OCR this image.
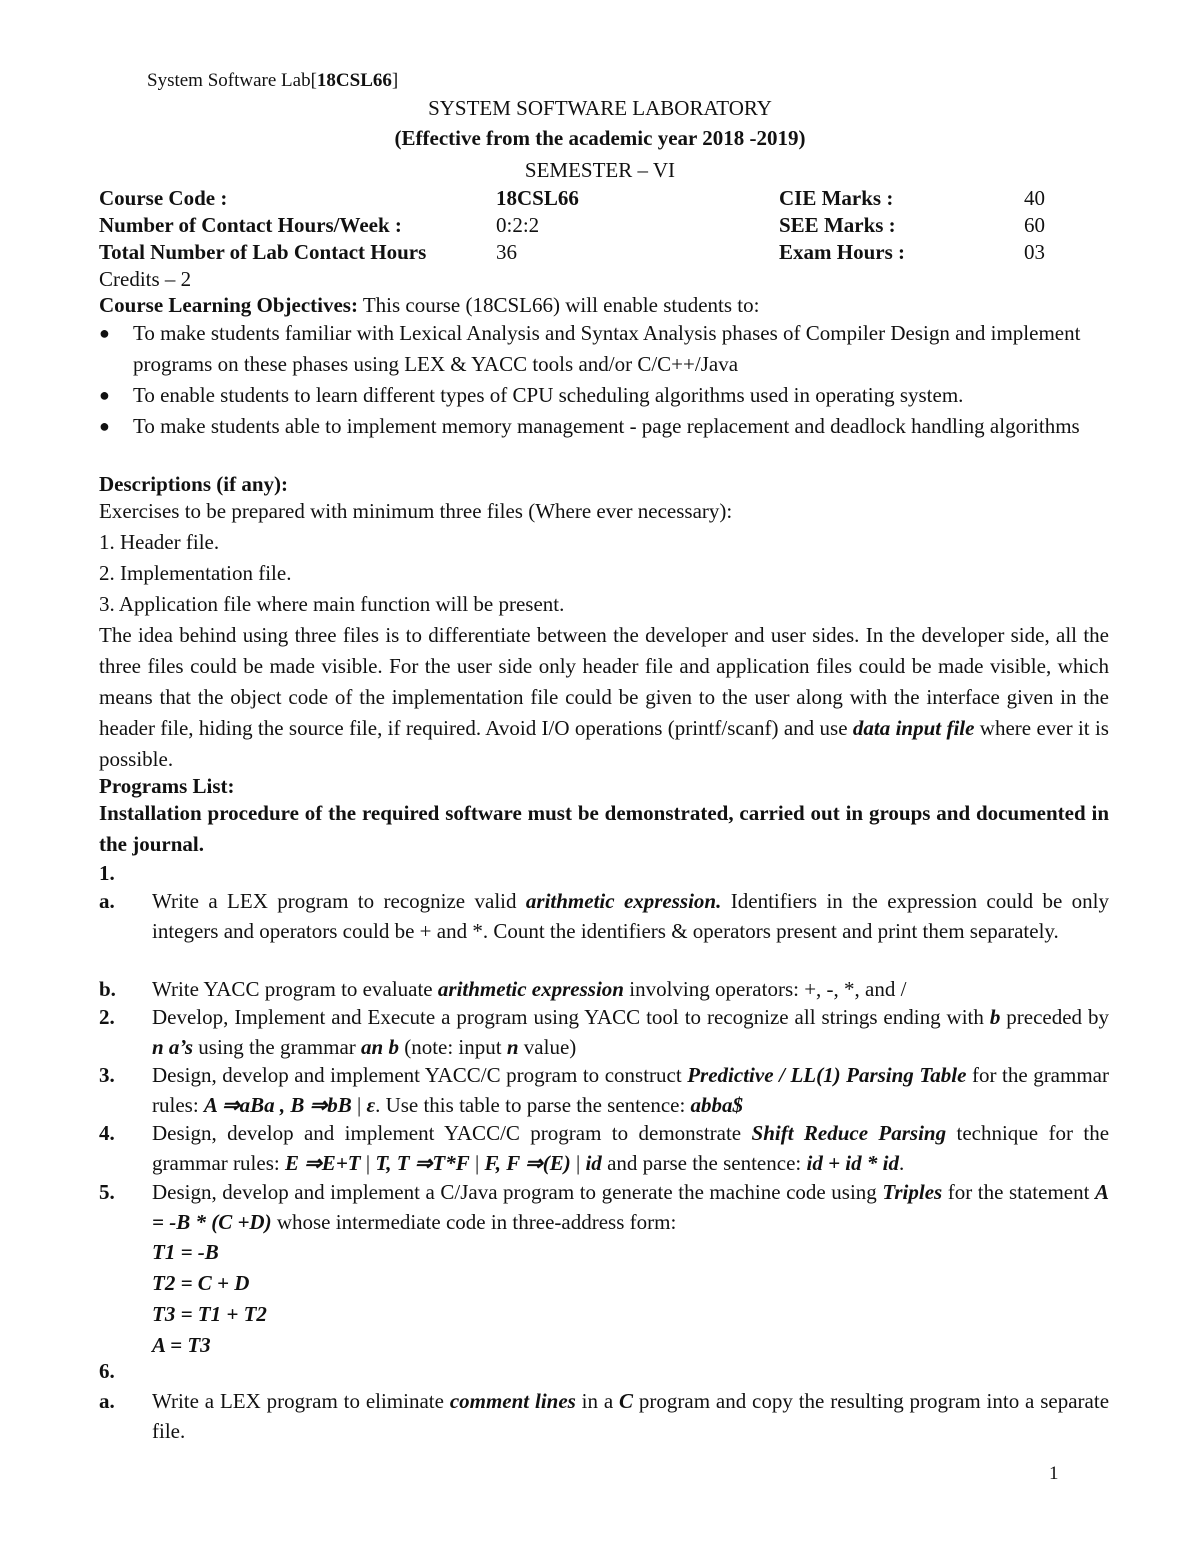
System Software Lab[18CSL66]
SYSTEM SOFTWARE LABORATORY
(Effective from the academic year 2018 -2019)
SEMESTER – VI
Course Code :	18CSL66	CIE Marks :	40
Number of Contact Hours/Week :	0:2:2	SEE Marks :	60
Total Number of Lab Contact Hours	36	Exam Hours :	03
Credits – 2
Course Learning Objectives: This course (18CSL66) will enable students to:
● To make students familiar with Lexical Analysis and Syntax Analysis phases of Compiler Design and implement programs on these phases using LEX & YACC tools and/or C/C++/Java
● To enable students to learn different types of CPU scheduling algorithms used in operating system.
● To make students able to implement memory management - page replacement and deadlock handling algorithms
Descriptions (if any):
Exercises to be prepared with minimum three files (Where ever necessary):
1. Header file.
2. Implementation file.
3. Application file where main function will be present.
The idea behind using three files is to differentiate between the developer and user sides. In the developer side, all the three files could be made visible. For the user side only header file and application files could be made visible, which means that the object code of the implementation file could be given to the user along with the interface given in the header file, hiding the source file, if required. Avoid I/O operations (printf/scanf) and use data input file where ever it is possible.
Programs List:
Installation procedure of the required software must be demonstrated, carried out in groups and documented in the journal.
1.
a. Write a LEX program to recognize valid arithmetic expression. Identifiers in the expression could be only integers and operators could be + and *. Count the identifiers & operators present and print them separately.
b. Write YACC program to evaluate arithmetic expression involving operators: +, -, *, and /
2. Develop, Implement and Execute a program using YACC tool to recognize all strings ending with b preceded by n a’s using the grammar an b (note: input n value)
3. Design, develop and implement YACC/C program to construct Predictive / LL(1) Parsing Table for the grammar rules: A ⇒aBa , B ⇒bB | ε. Use this table to parse the sentence: abba$
4. Design, develop and implement YACC/C program to demonstrate Shift Reduce Parsing technique for the grammar rules: E ⇒E+T | T, T ⇒T*F | F, F ⇒(E) | id and parse the sentence: id + id * id.
5. Design, develop and implement a C/Java program to generate the machine code using Triples for the statement A = -B * (C +D) whose intermediate code in three-address form:
T1 = -B
T2 = C + D
T3 = T1 + T2
A = T3
6.
a. Write a LEX program to eliminate comment lines in a C program and copy the resulting program into a separate file.
1
